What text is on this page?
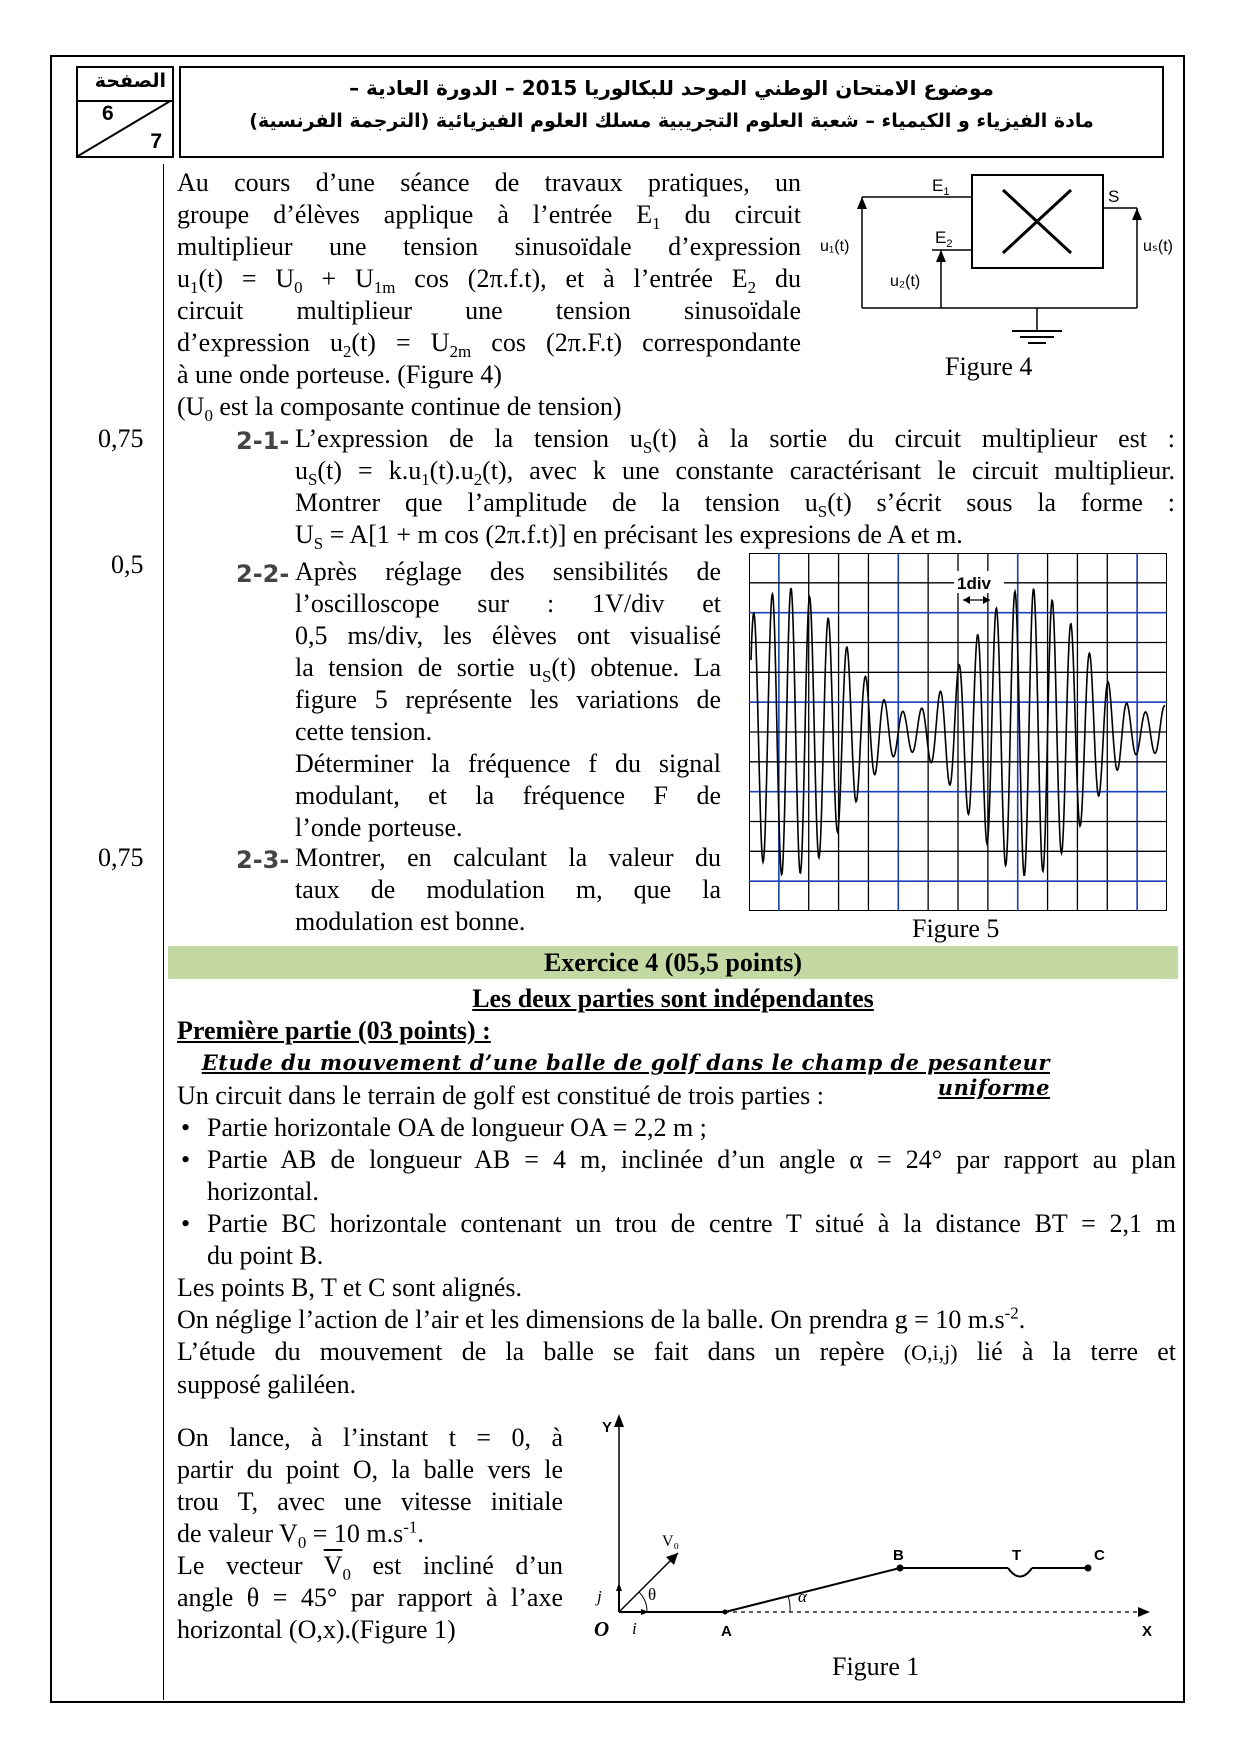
الصفحة
6
7
موضوع الامتحان الوطني الموحد للبكالوريا 2015 – الدورة العادية –
مادة الفيزياء و الكيمياء – شعبة العلوم التجريبية مسلك العلوم الفيزيائية (الترجمة الفرنسية)
Au cours d’une séance de travaux pratiques, un
groupe d’élèves applique à l’entrée $E_1$ du circuit
multiplieur une tension sinusoïdale d’expression
$u_1(t) = U_0 + U_{1m}$ cos (2π.f.t), et à l’entrée $E_2$ du
circuit multiplieur une tension sinusoïdale
d’expression $u_2(t) = U_{2m}$ cos (2π.F.t) correspondante
à une onde porteuse. (Figure 4)
($U_0$ est la composante continue de tension)
$E_1$
$E_2$
S
u₁(t)
u₂(t)
uₛ(t)
Figure 4
0,75
0,5
0,75
2-1- L’expression de la tension $u_S(t)$ à la sortie du circuit multiplieur est :
$u_S(t) = k.u_1(t).u_2(t)$, avec k une constante caractérisant le circuit multiplieur.
Montrer que l’amplitude de la tension $u_S(t)$ s’écrit sous la forme :
$U_S = A[1 + m$ cos (2π.f.t)] en précisant les expresions de A et m.
2-2- Après réglage des sensibilités de
l’oscilloscope sur : 1V/div et
0,5 ms/div, les élèves ont visualisé
la tension de sortie $u_S(t)$ obtenue. La
figure 5 représente les variations de
cette tension.
Déterminer la fréquence f du signal
modulant, et la fréquence F de
l’onde porteuse.
2-3- Montrer, en calculant la valeur du
taux de modulation m, que la
modulation est bonne.
1div
Figure 5
Exercice 4 (05,5 points)
Les deux parties sont indépendantes
Première partie (03 points) :
Etude du mouvement d’une balle de golf dans le champ de pesanteur uniforme
Un circuit dans le terrain de golf est constitué de trois parties :
• Partie horizontale OA de longueur OA = 2,2 m ;
• Partie AB de longueur AB = 4 m, inclinée d’un angle α = 24° par rapport au plan
horizontal.
• Partie BC horizontale contenant un trou de centre T situé à la distance BT = 2,1 m
du point B.
Les points B, T et C sont alignés.
On néglige l’action de l’air et les dimensions de la balle. On prendra g = 10 $m.s^{-2}$.
L’étude du mouvement de la balle se fait dans un repère (O,i,j) lié à la terre et
supposé galiléen.
On lance, à l’instant t = 0, à
partir du point O, la balle vers le
trou T, avec une vitesse initiale
de valeur $V_0 = 10$ $m.s^{-1}$.
Le vecteur $\overline{V}_0$ est incliné d’un
angle θ = 45° par rapport à l’axe
horizontal (O,x).(Figure 1)
Y
X
O i
j
A
B	T	C
V₀
θ	α
Figure 1
